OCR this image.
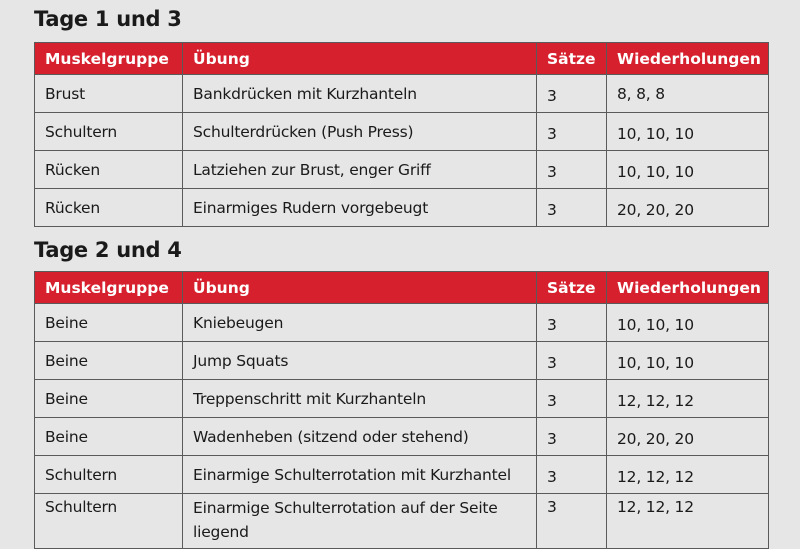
Tage 1 und 3
Muskelgruppe	Übung	Sätze	Wiederholungen
Brust	Bankdrücken mit Kurzhanteln	3	8, 8, 8
Schultern	Schulterdrücken (Push Press)	3	10, 10, 10
Rücken	Latziehen zur Brust, enger Griff	3	10, 10, 10
Rücken	Einarmiges Rudern vorgebeugt	3	20, 20, 20
Tage 2 und 4
Muskelgruppe	Übung	Sätze	Wiederholungen
Beine	Kniebeugen	3	10, 10, 10
Beine	Jump Squats	3	10, 10, 10
Beine	Treppenschritt mit Kurzhanteln	3	12, 12, 12
Beine	Wadenheben (sitzend oder stehend)	3	20, 20, 20
Schultern	Einarmige Schulterrotation mit Kurzhantel	3	12, 12, 12
Schultern	Einarmige Schulterrotation auf der Seite liegend	3	12, 12, 12
